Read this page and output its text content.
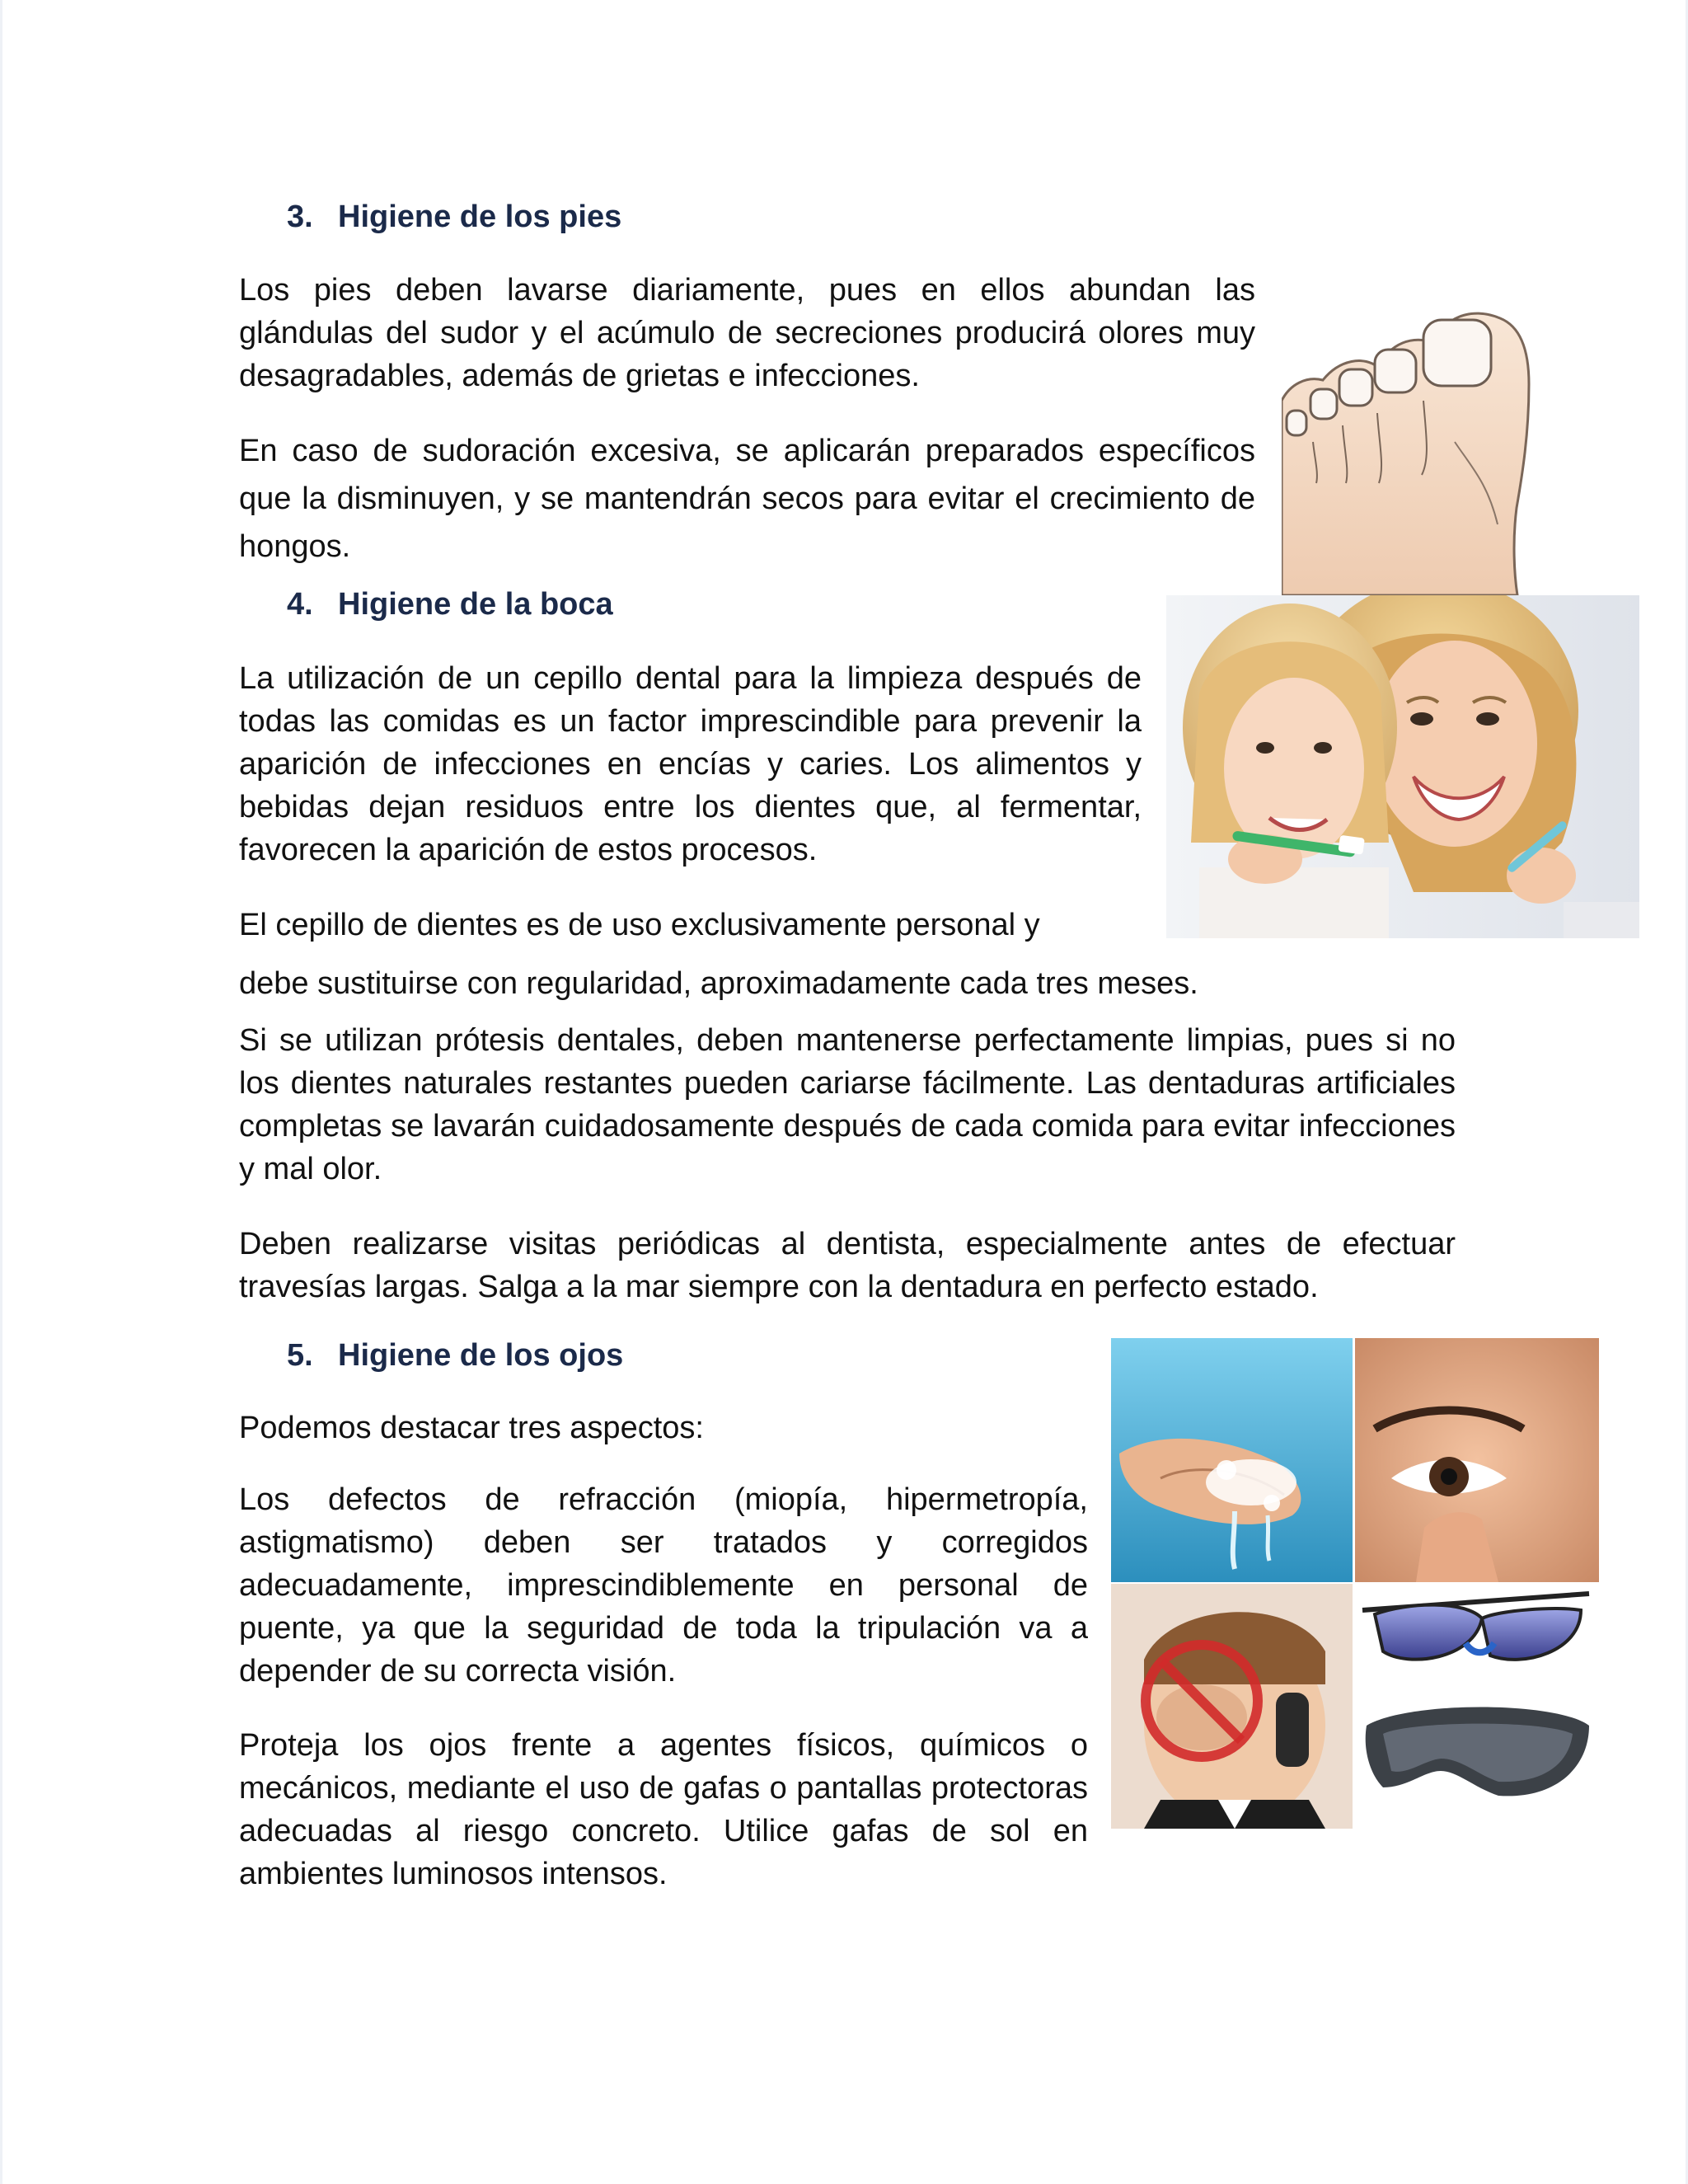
3. Higiene de los pies

Los pies deben lavarse diariamente, pues en ellos abundan las glándulas del sudor y el acúmulo de secreciones producirá olores muy desagradables, además de grietas e infecciones.

En caso de sudoración excesiva, se aplicarán preparados específicos que la disminuyen, y se mantendrán secos para evitar el crecimiento de hongos.

4. Higiene de la boca

La utilización de un cepillo dental para la limpieza después de todas las comidas es un factor imprescindible para prevenir la aparición de infecciones en encías y caries. Los alimentos y bebidas dejan residuos entre los dientes que, al fermentar, favorecen la aparición de estos procesos.

El cepillo de dientes es de uso exclusivamente personal y

debe sustituirse con regularidad, aproximadamente cada tres meses.

Si se utilizan prótesis dentales, deben mantenerse perfectamente limpias, pues si no los dientes naturales restantes pueden cariarse fácilmente. Las dentaduras artificiales completas se lavarán cuidadosamente después de cada comida para evitar infecciones y mal olor.

Deben realizarse visitas periódicas al dentista, especialmente antes de efectuar travesías largas. Salga a la mar siempre con la dentadura en perfecto estado.

5. Higiene de los ojos

Podemos destacar tres aspectos:

Los defectos de refracción (miopía, hipermetropía, astigmatismo) deben ser tratados y corregidos adecuadamente, imprescindiblemente en personal de puente, ya que la seguridad de toda la tripulación va a depender de su correcta visión.

Proteja los ojos frente a agentes físicos, químicos o mecánicos, mediante el uso de gafas o pantallas protectoras adecuadas al riesgo concreto. Utilice gafas de sol en ambientes luminosos intensos.
